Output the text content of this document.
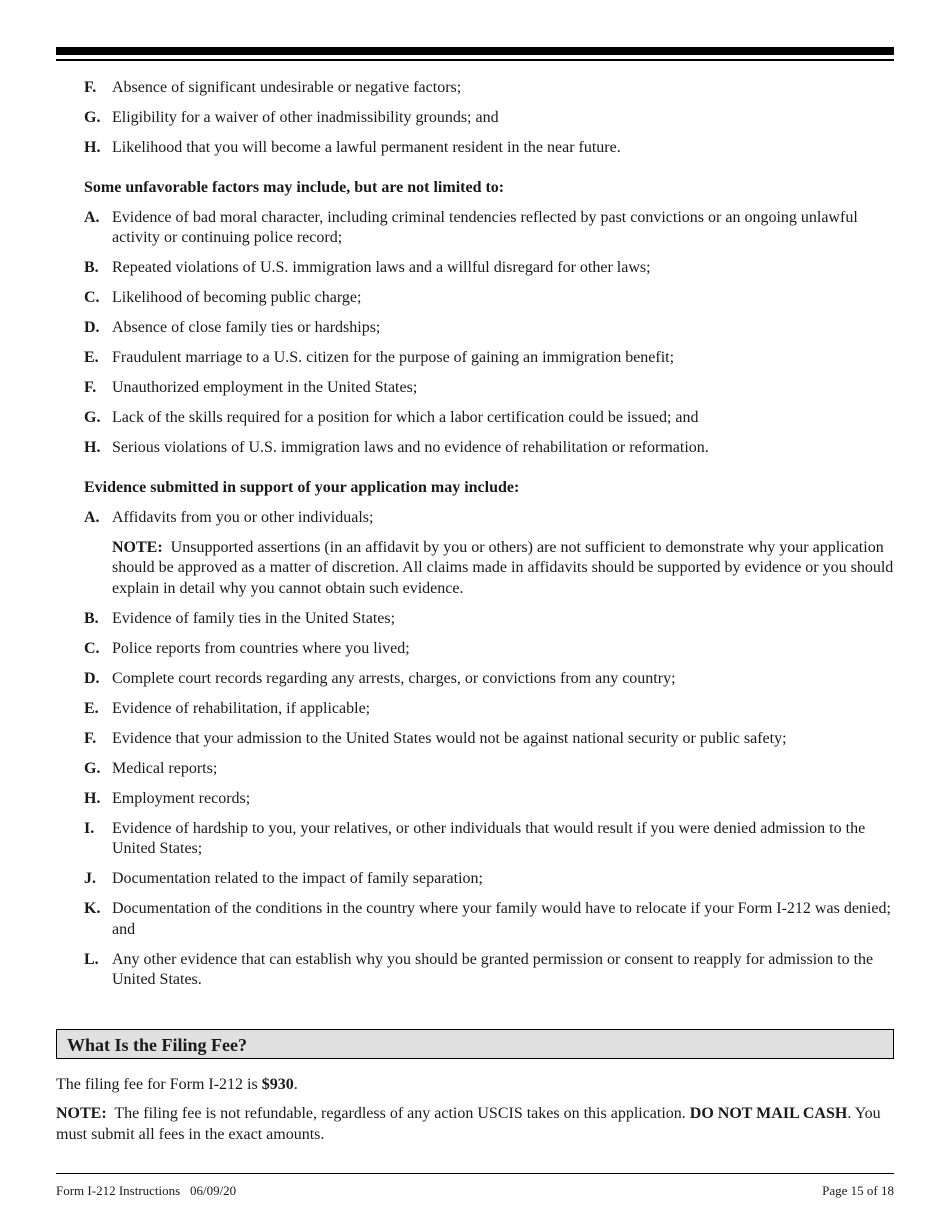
F. Absence of significant undesirable or negative factors;
G. Eligibility for a waiver of other inadmissibility grounds; and
H. Likelihood that you will become a lawful permanent resident in the near future.
Some unfavorable factors may include, but are not limited to:
A. Evidence of bad moral character, including criminal tendencies reflected by past convictions or an ongoing unlawful activity or continuing police record;
B. Repeated violations of U.S. immigration laws and a willful disregard for other laws;
C. Likelihood of becoming public charge;
D. Absence of close family ties or hardships;
E. Fraudulent marriage to a U.S. citizen for the purpose of gaining an immigration benefit;
F. Unauthorized employment in the United States;
G. Lack of the skills required for a position for which a labor certification could be issued; and
H. Serious violations of U.S. immigration laws and no evidence of rehabilitation or reformation.
Evidence submitted in support of your application may include:
A. Affidavits from you or other individuals;
NOTE: Unsupported assertions (in an affidavit by you or others) are not sufficient to demonstrate why your application should be approved as a matter of discretion. All claims made in affidavits should be supported by evidence or you should explain in detail why you cannot obtain such evidence.
B. Evidence of family ties in the United States;
C. Police reports from countries where you lived;
D. Complete court records regarding any arrests, charges, or convictions from any country;
E. Evidence of rehabilitation, if applicable;
F. Evidence that your admission to the United States would not be against national security or public safety;
G. Medical reports;
H. Employment records;
I. Evidence of hardship to you, your relatives, or other individuals that would result if you were denied admission to the United States;
J. Documentation related to the impact of family separation;
K. Documentation of the conditions in the country where your family would have to relocate if your Form I-212 was denied; and
L. Any other evidence that can establish why you should be granted permission or consent to reapply for admission to the United States.
What Is the Filing Fee?
The filing fee for Form I-212 is $930.
NOTE: The filing fee is not refundable, regardless of any action USCIS takes on this application. DO NOT MAIL CASH. You must submit all fees in the exact amounts.
Form I-212 Instructions   06/09/20	Page 15 of 18
